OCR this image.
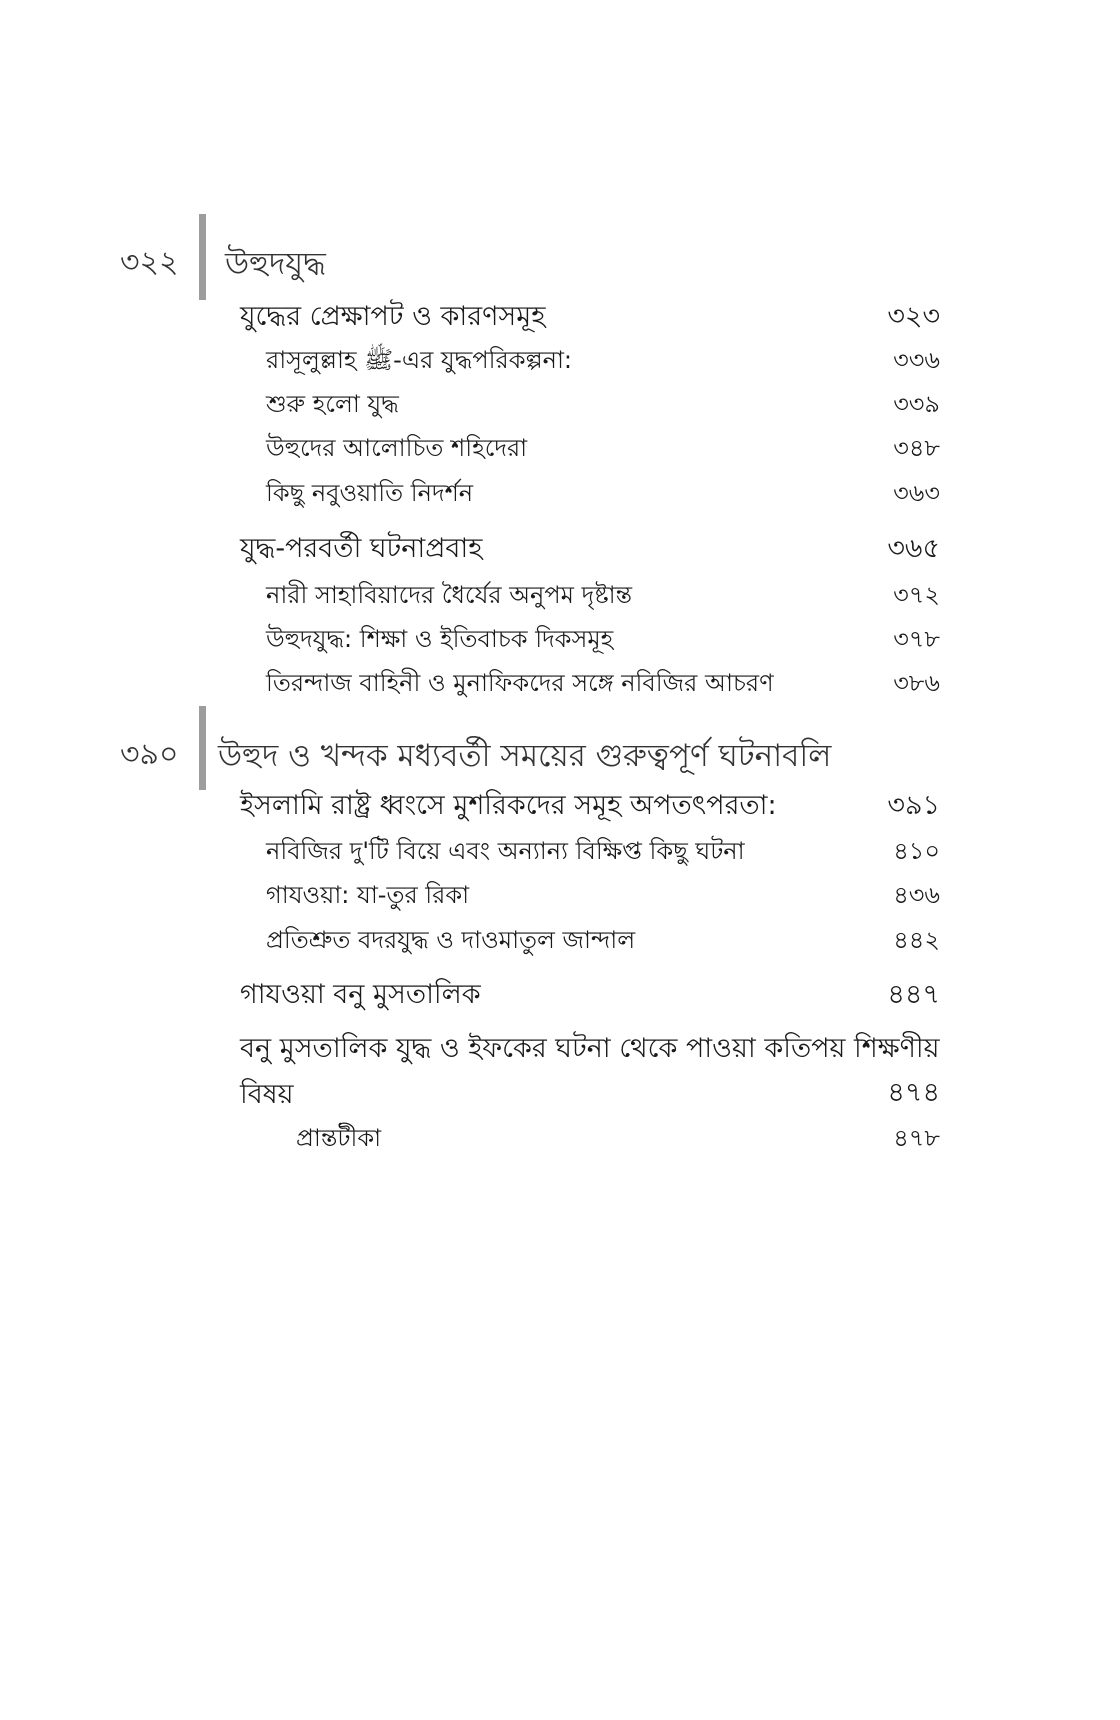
৩২২ উহুদযুদ্ধ
যুদ্ধের প্রেক্ষাপট ও কারণসমূহ	৩২৩
রাসূলুল্লাহ ﷺ-এর যুদ্ধপরিকল্পনা:	৩৩৬
শুরু হলো যুদ্ধ	৩৩৯
উহুদের আলোচিত শহিদেরা	৩৪৮
কিছু নবুওয়াতি নিদর্শন	৩৬৩
যুদ্ধ-পরবর্তী ঘটনাপ্রবাহ	৩৬৫
নারী সাহাবিয়াদের ধৈর্যের অনুপম দৃষ্টান্ত	৩৭২
উহুদযুদ্ধ: শিক্ষা ও ইতিবাচক দিকসমূহ	৩৭৮
তিরন্দাজ বাহিনী ও মুনাফিকদের সঙ্গে নবিজির আচরণ	৩৮৬
৩৯০ উহুদ ও খন্দক মধ্যবর্তী সময়ের গুরুত্বপূর্ণ ঘটনাবলি
ইসলামি রাষ্ট্র ধ্বংসে মুশরিকদের সমূহ অপতৎপরতা:	৩৯১
নবিজির দু'টি বিয়ে এবং অন্যান্য বিক্ষিপ্ত কিছু ঘটনা	৪১০
গাযওয়া: যা-তুর রিকা	৪৩৬
প্রতিশ্রুত বদরযুদ্ধ ও দাওমাতুল জান্দাল	৪৪২
গাযওয়া বনু মুসতালিক	৪৪৭
বনু মুসতালিক যুদ্ধ ও ইফকের ঘটনা থেকে পাওয়া কতিপয় শিক্ষণীয় বিষয়	৪৭৪
প্রান্তটীকা	৪৭৮
